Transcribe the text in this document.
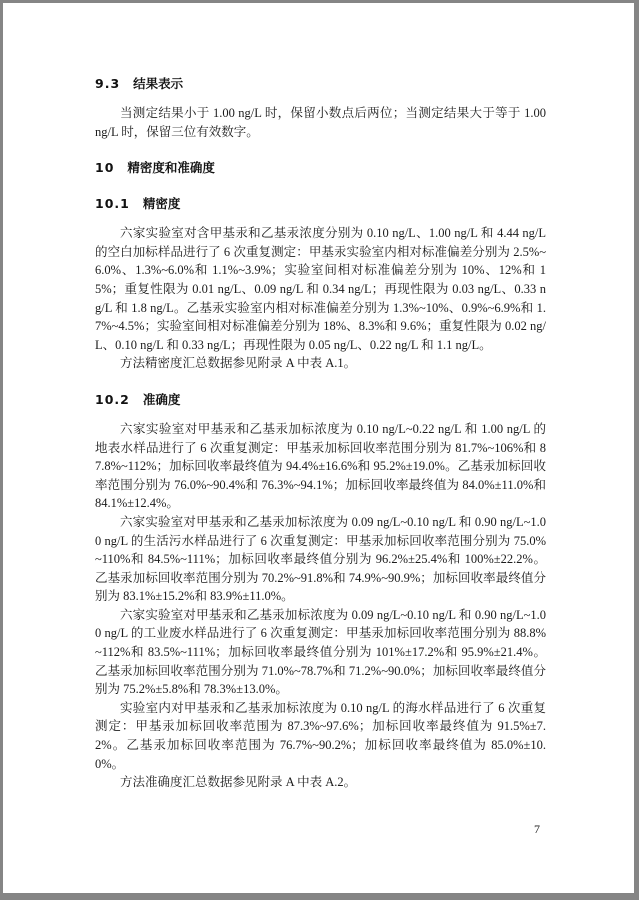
9.3 结果表示

当测定结果小于 1.00 ng/L 时，保留小数点后两位；当测定结果大于等于 1.00 ng/L 时，保留三位有效数字。

10 精密度和准确度
10.1 精密度

六家实验室对含甲基汞和乙基汞浓度分别为 0.10 ng/L、1.00 ng/L 和 4.44 ng/L 的空白加标样品进行了 6 次重复测定：甲基汞实验室内相对标准偏差分别为 2.5%~6.0%、1.3%~6.0%和 1.1%~3.9%；实验室间相对标准偏差分别为 10%、12%和 15%；重复性限为 0.01 ng/L、0.09 ng/L 和 0.34 ng/L；再现性限为 0.03 ng/L、0.33 ng/L 和 1.8 ng/L。乙基汞实验室内相对标准偏差分别为 1.3%~10%、0.9%~6.9%和 1.7%~4.5%；实验室间相对标准偏差分别为 18%、8.3%和 9.6%；重复性限为 0.02 ng/L、0.10 ng/L 和 0.33 ng/L；再现性限为 0.05 ng/L、0.22 ng/L 和 1.1 ng/L。

方法精密度汇总数据参见附录 A 中表 A.1。

10.2 准确度

六家实验室对甲基汞和乙基汞加标浓度为 0.10 ng/L~0.22 ng/L 和 1.00 ng/L 的地表水样品进行了 6 次重复测定：甲基汞加标回收率范围分别为 81.7%~106%和 87.8%~112%；加标回收率最终值为 94.4%±16.6%和 95.2%±19.0%。乙基汞加标回收率范围分别为 76.0%~90.4%和 76.3%~94.1%；加标回收率最终值为 84.0%±11.0%和 84.1%±12.4%。

六家实验室对甲基汞和乙基汞加标浓度为 0.09 ng/L~0.10 ng/L 和 0.90 ng/L~1.00 ng/L 的生活污水样品进行了 6 次重复测定：甲基汞加标回收率范围分别为 75.0%~110%和 84.5%~111%；加标回收率最终值分别为 96.2%±25.4%和 100%±22.2%。乙基汞加标回收率范围分别为 70.2%~91.8%和 74.9%~90.9%；加标回收率最终值分别为 83.1%±15.2%和 83.9%±11.0%。

六家实验室对甲基汞和乙基汞加标浓度为 0.09 ng/L~0.10 ng/L 和 0.90 ng/L~1.00 ng/L 的工业废水样品进行了 6 次重复测定：甲基汞加标回收率范围分别为 88.8%~112%和 83.5%~111%；加标回收率最终值分别为 101%±17.2%和 95.9%±21.4%。乙基汞加标回收率范围分别为 71.0%~78.7%和 71.2%~90.0%；加标回收率最终值分别为 75.2%±5.8%和 78.3%±13.0%。

实验室内对甲基汞和乙基汞加标浓度为 0.10 ng/L 的海水样品进行了 6 次重复测定：甲基汞加标回收率范围为 87.3%~97.6%；加标回收率最终值为 91.5%±7.2%。乙基汞加标回收率范围为 76.7%~90.2%；加标回收率最终值为 85.0%±10.0%。

方法准确度汇总数据参见附录 A 中表 A.2。

7
